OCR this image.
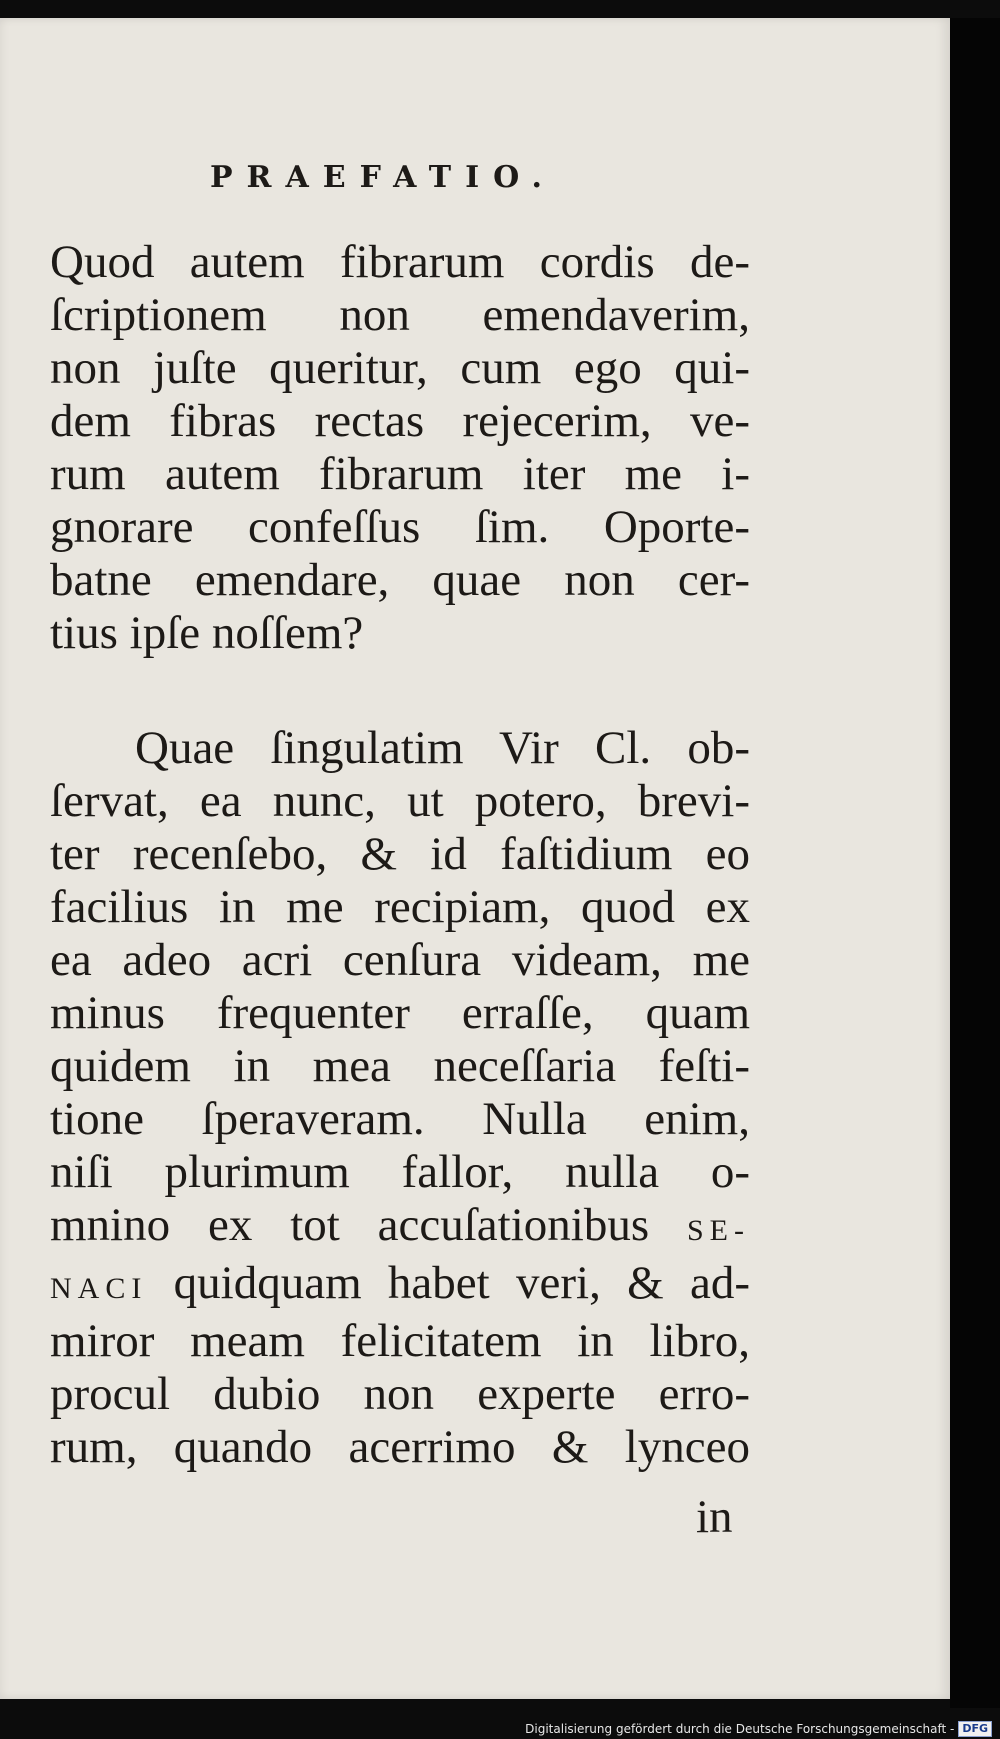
PRAEFATIO.
Quod autem fibrarum cordis de-
ſcriptionem non emendaverim,
non juſte queritur, cum ego qui-
dem fibras rectas rejecerim, ve-
rum autem fibrarum iter me i-
gnorare confeſſus ſim. Oporte-
batne emendare, quae non cer-
tius ipſe noſſem?
Quae ſingulatim Vir Cl. ob-
ſervat, ea nunc, ut potero, brevi-
ter recenſebo, & id faſtidium eo
facilius in me recipiam, quod ex
ea adeo acri cenſura videam, me
minus frequenter erraſſe, quam
quidem in mea neceſſaria feſti-
tione ſperaveram. Nulla enim,
niſi plurimum fallor, nulla o-
mnino ex tot accuſationibus SE-
NACI quidquam habet veri, & ad-
miror meam felicitatem in libro,
procul dubio non experte erro-
rum, quando acerrimo & lynceo
in
Digitalisierung gefördert durch die Deutsche Forschungsgemeinschaft - DFG
